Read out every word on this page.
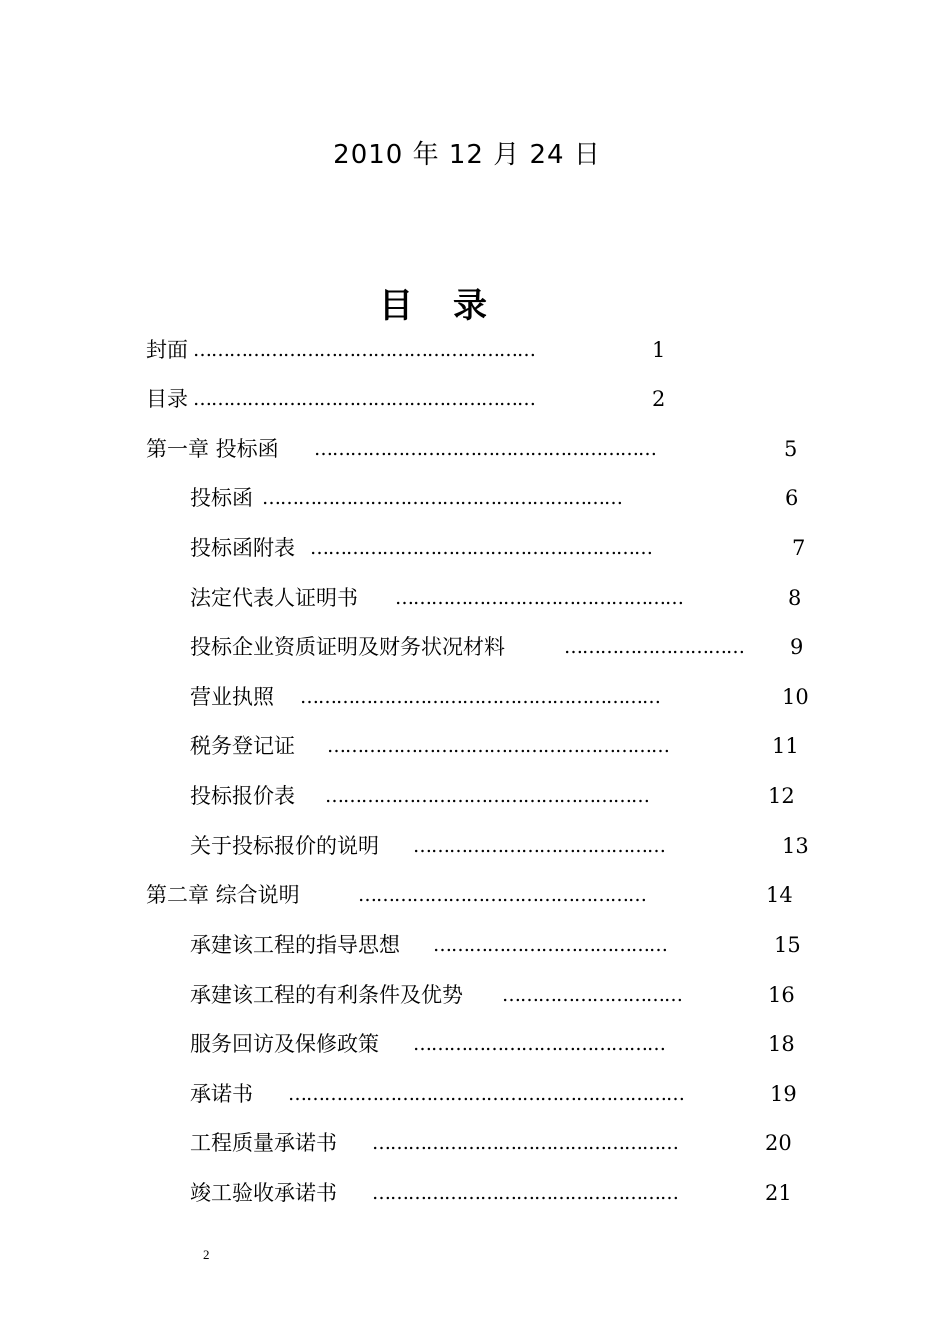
2010 年 12 月 24 日
目录
封面 …………………………………………………	1
目录 …………………………………………………	2
第一章 投标函 …………………………………………………	5
投标函 ……………………………………………………	6
投标函附表 …………………………………………………	7
法定代表人证明书 …………………………………………	8
投标企业资质证明及财务状况材料	………………………… 9
营业执照 ……………………………………………………	10
税务登记证 …………………………………………………	11
投标报价表 ………………………………………………	12
关于投标报价的说明 ……………………………………	13
第二章 综合说明	…………………………………………	14
承建该工程的指导思想 …………………………………	15
承建该工程的有利条件及优势 …………………………	16
服务回访及保修政策 ……………………………………	18
承诺书 …………………………………………………………	19
工程质量承诺书 ……………………………………………	20
竣工验收承诺书 ……………………………………………	21
2
